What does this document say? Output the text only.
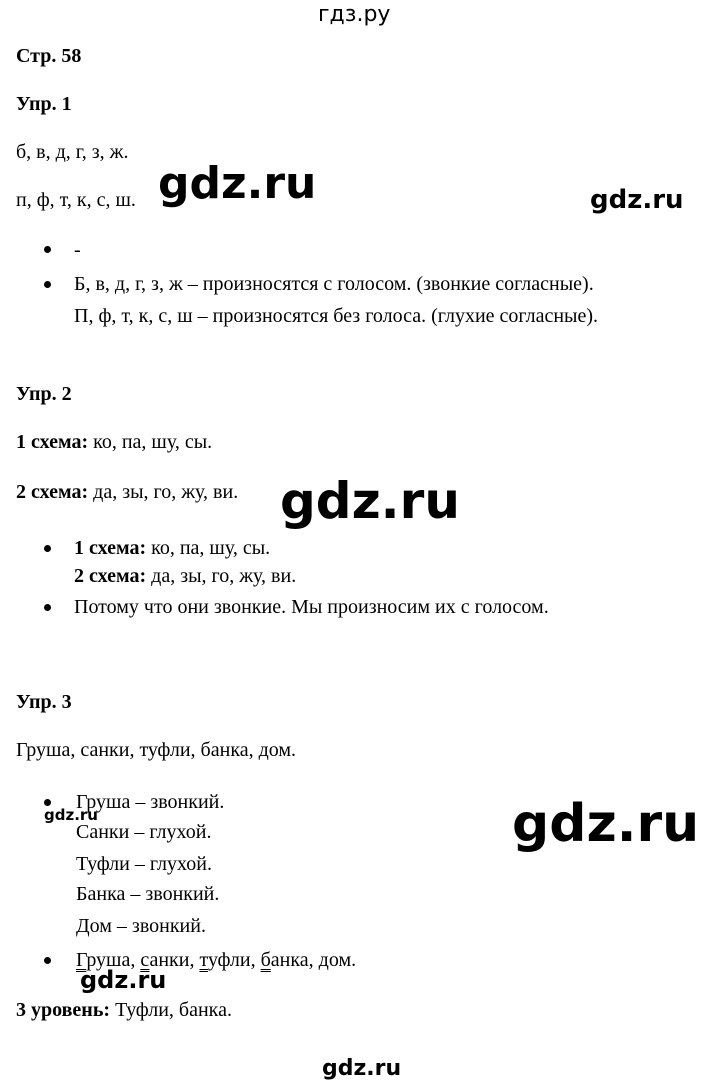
гдз.ру
Стр. 58
Упр. 1
б, в, д, г, з, ж.
п, ф, т, к, с, ш. gdz.ru	gdz.ru
-
Б, в, д, г, з, ж – произносятся с голосом. (звонкие согласные).
П, ф, т, к, с, ш – произносятся без голоса. (глухие согласные).
Упр. 2
1 схема: ко, па, шу, сы.
2 схема: да, зы, го, жу, ви. gdz.ru
1 схема: ко, па, шу, сы.
2 схема: да, зы, го, жу, ви.
Потому что они звонкие. Мы произносим их с голосом.
Упр. 3
Груша, санки, туфли, банка, дом.
gdz.ru
Груша – звонкий.
Санки – глухой.
Туфли – глухой.
Банка – звонкий.
Дом – звонкий.
gdz.ru
Груша, санки, туфли, банка, дом.
gdz.ru
3 уровень: Туфли, банка.
gdz.ru
